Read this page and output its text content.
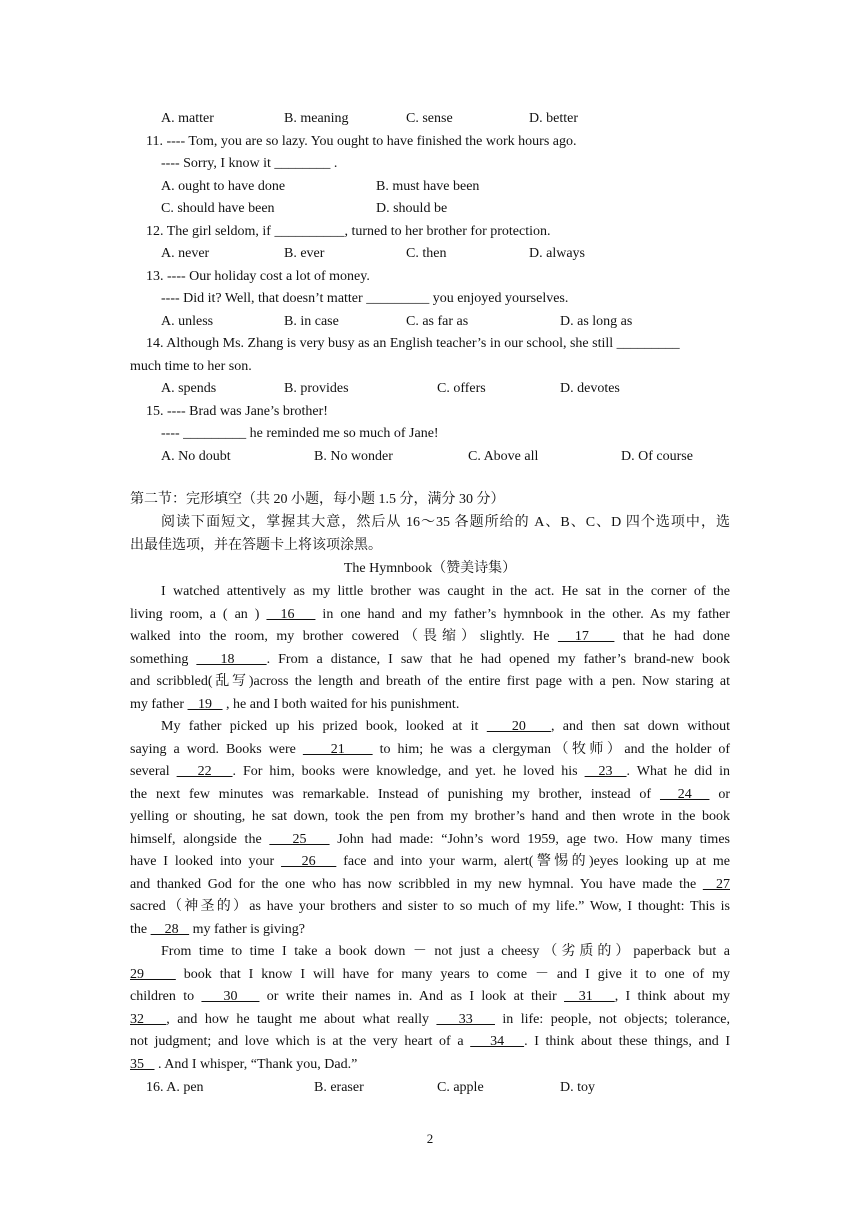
A. matter	B. meaning	C. sense	D. better
11. ---- Tom, you are so lazy. You ought to have finished the work hours ago.
---- Sorry, I know it ________ .
A. ought to have done	B. must have been
C. should have been	D. should be
12. The girl seldom, if __________, turned to her brother for protection.
A. never	B. ever	C. then	D. always
13. ---- Our holiday cost a lot of money.
---- Did it? Well, that doesn’t matter _________ you enjoyed yourselves.
A. unless	B. in case	C. as far as	D. as long as
14. Although Ms. Zhang is very busy as an English teacher’s in our school, she still _________
much time to her son.
A. spends	B. provides	C. offers	D. devotes
15. ---- Brad was Jane’s brother!
---- _________ he reminded me so much of Jane!
A. No doubt	B. No wonder	C. Above all	D. Of course
第二节：完形填空（共 20 小题，每小题 1.5 分，满分 30 分）
阅读下面短文，掌握其大意，然后从 16～35 各题所给的 A、B、C、D 四个选项中，选
出最佳选项，并在答题卡上将该项涂黑。
The Hymnbook（赞美诗集）
I watched attentively as my little brother was caught in the act. He sat in the corner of the
living room, a ( an )   16    in one hand and my father’s hymnbook in the other. As my father
walked into the room, my brother cowered（畏缩）slightly. He   17    that he had done
something    18    . From a distance, I saw that he had opened my father’s brand-new book
and scribbled(乱写)across the length and breath of the entire first page with a pen. Now staring at
my father    19    , he and I both waited for his punishment.
My father picked up his prized book, looked at it    20   , and then sat down without
saying a word. Books were     21     to him; he was a clergyman（牧师）and the holder of
several    22   . For him, books were knowledge, and yet. he loved his   23  . What he did in
the next few minutes was remarkable. Instead of punishing my brother, instead of   24   or
yelling or shouting, he sat down, took the pen from my brother’s hand and then wrote in the book
himself, alongside the    25    John had made: “John’s word 1959, age two. How many times
have I looked into your    26    face and into your warm, alert(警惕的)eyes looking up at me
and thanked God for the one who has now scribbled in my new hymnal. You have made the   27
sacred（神圣的）as have your brothers and sister to so much of my life.” Wow, I thought: This is
the     28    my father is giving?
From time to time I take a book down － not just a cheesy（劣质的）paperback but a
29     book that I know I will have for many years to come － and I give it to one of my
children to    30    or write their names in. And as I look at their   31   , I think about my
32   , and how he taught me about what really    33    in life: people, not objects; tolerance,
not judgment; and love which is at the very heart of a    34   . I think about these things, and I
35    . And I whisper, “Thank you, Dad.”
16. A. pen	B. eraser	C. apple	D. toy
2
